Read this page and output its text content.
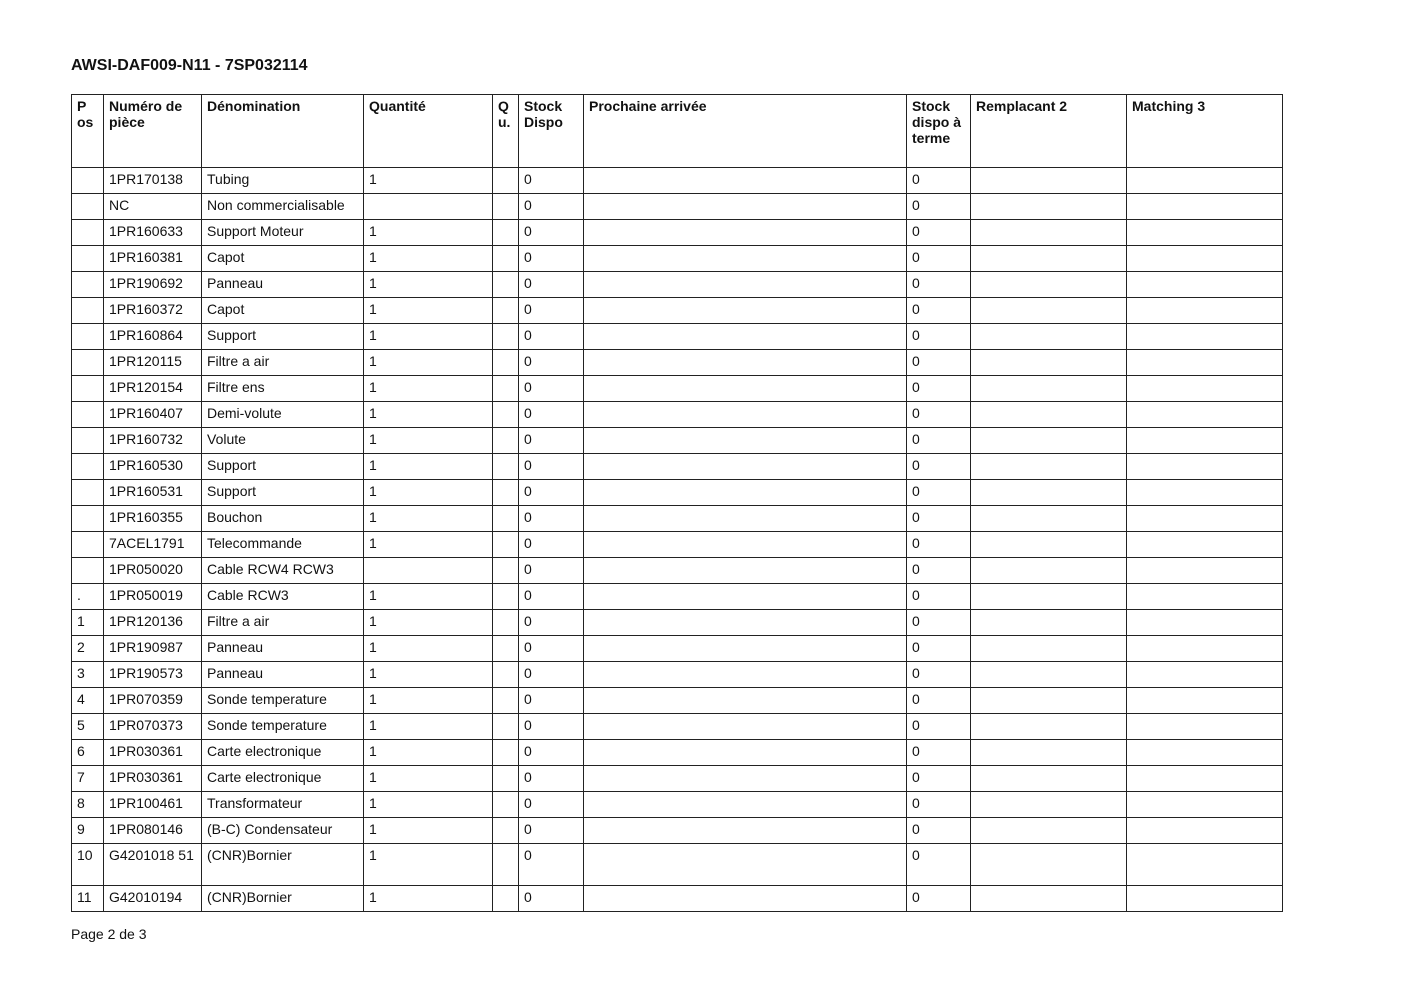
AWSI-DAF009-N11 - 7SP032114
P os	Numéro de pièce	Dénomination	Quantité	Q u.	Stock Dispo	Prochaine arrivée	Stock dispo à terme	Remplacant 2	Matching 3
	1PR170138	Tubing	1		0		0		
	NC	Non commercialisable			0		0		
	1PR160633	Support Moteur	1		0		0		
	1PR160381	Capot	1		0		0		
	1PR190692	Panneau	1		0		0		
	1PR160372	Capot	1		0		0		
	1PR160864	Support	1		0		0		
	1PR120115	Filtre a air	1		0		0		
	1PR120154	Filtre ens	1		0		0		
	1PR160407	Demi-volute	1		0		0		
	1PR160732	Volute	1		0		0		
	1PR160530	Support	1		0		0		
	1PR160531	Support	1		0		0		
	1PR160355	Bouchon	1		0		0		
	7ACEL1791	Telecommande	1		0		0		
	1PR050020	Cable RCW4 RCW3			0		0		
.	1PR050019	Cable RCW3	1		0		0		
1	1PR120136	Filtre a air	1		0		0		
2	1PR190987	Panneau	1		0		0		
3	1PR190573	Panneau	1		0		0		
4	1PR070359	Sonde temperature	1		0		0		
5	1PR070373	Sonde temperature	1		0		0		
6	1PR030361	Carte electronique	1		0		0		
7	1PR030361	Carte electronique	1		0		0		
8	1PR100461	Transformateur	1		0		0		
9	1PR080146	(B-C) Condensateur	1		0		0		
10	G4201018 51	(CNR)Bornier	1		0		0		
11	G42010194	(CNR)Bornier	1		0		0		
Page 2 de 3
